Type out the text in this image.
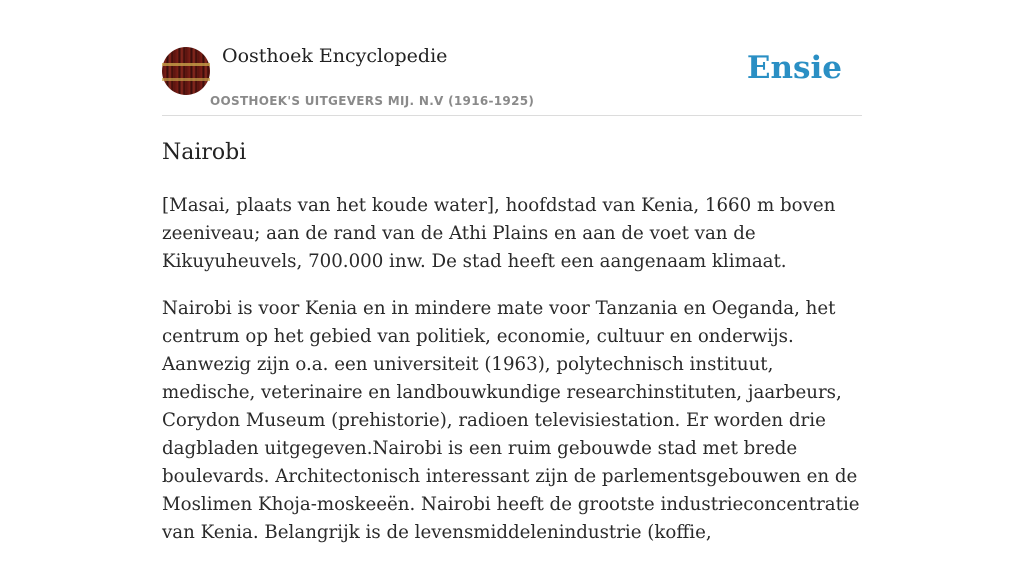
Oosthoek Encyclopedie
OOSTHOEK'S UITGEVERS MIJ. N.V (1916-1925)
Ensie
Nairobi

[Masai, plaats van het koude water], hoofdstad van Kenia, 1660 m boven zeeniveau; aan de rand van de Athi Plains en aan de voet van de Kikuyuheuvels, 700.000 inw. De stad heeft een aangenaam klimaat.

Nairobi is voor Kenia en in mindere mate voor Tanzania en Oeganda, het centrum op het gebied van politiek, economie, cultuur en onderwijs. Aanwezig zijn o.a. een universiteit (1963), polytechnisch instituut, medische, veterinaire en landbouwkundige researchinstituten, jaarbeurs, Corydon Museum (prehistorie), radioen televisiestation. Er worden drie dagbladen uitgegeven.Nairobi is een ruim gebouwde stad met brede boulevards. Architectonisch interessant zijn de parlementsgebouwen en de Moslimen Khoja-moskeeën. Nairobi heeft de grootste industrieconcentratie van Kenia. Belangrijk is de levensmiddelenindustrie (koffie,
